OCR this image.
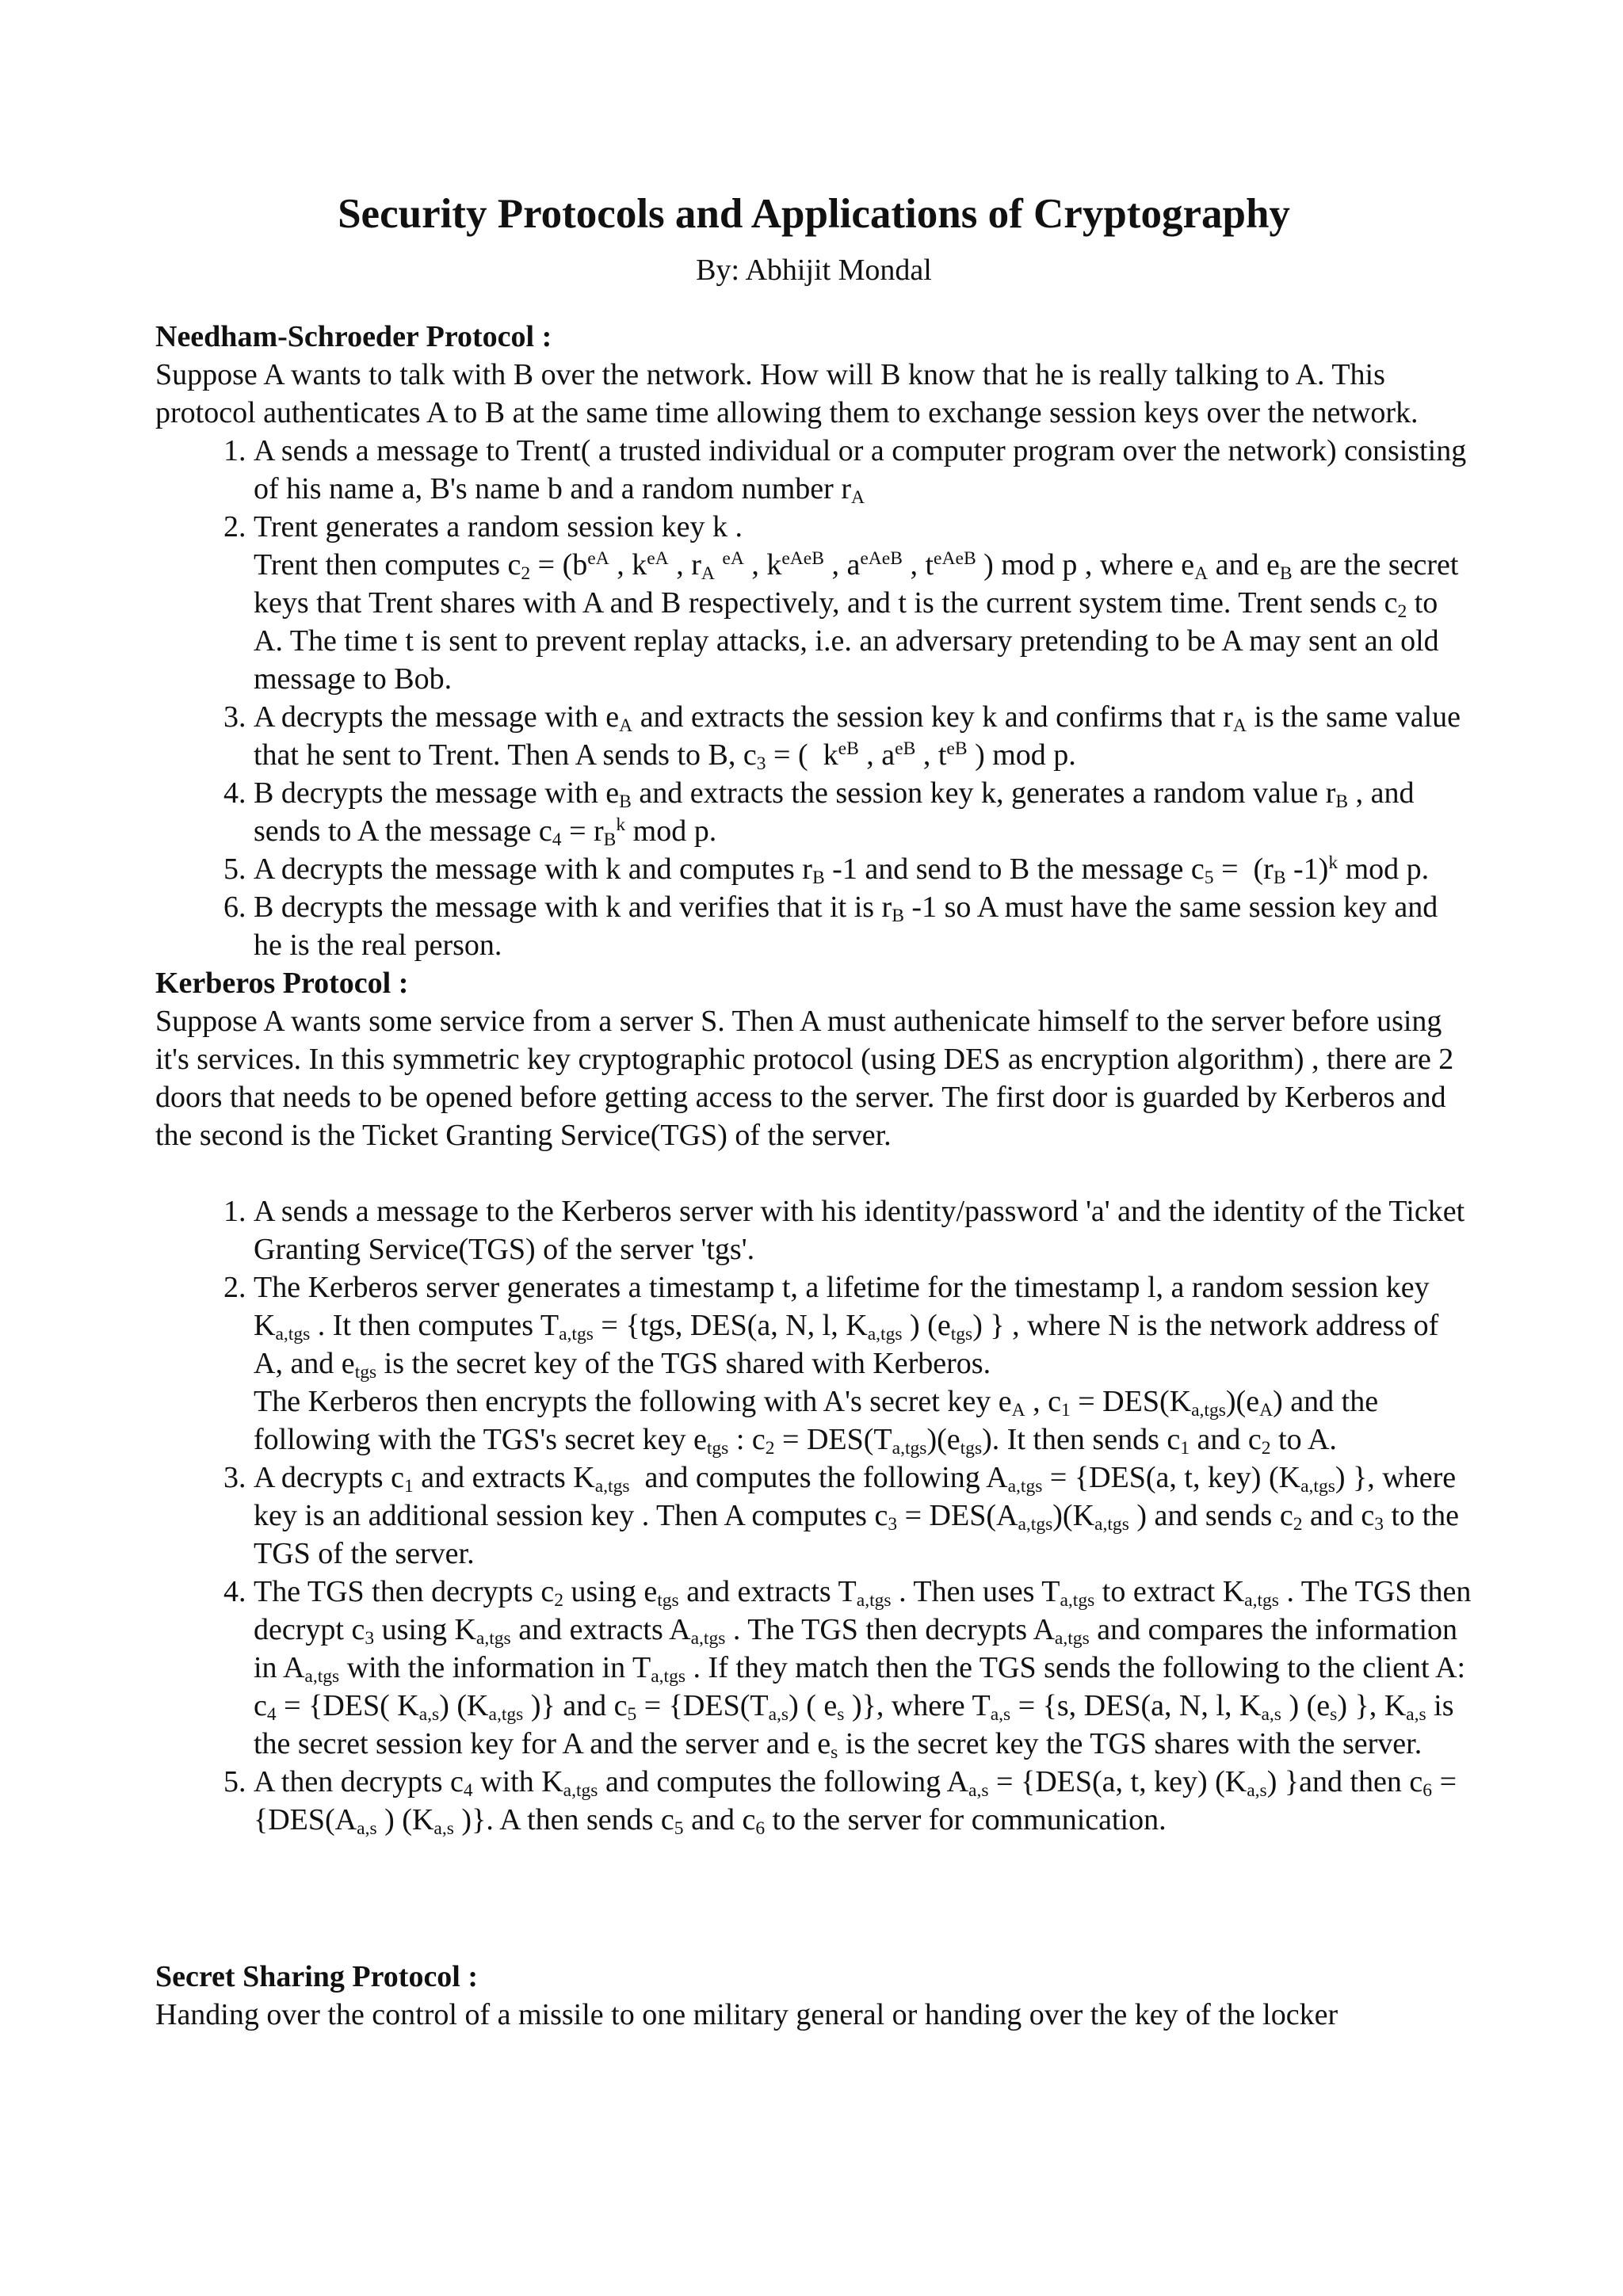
Security Protocols and Applications of Cryptography

By: Abhijit Mondal

Needham-Schroeder Protocol :

Suppose A wants to talk with B over the network. How will B know that he is really talking to A. This protocol authenticates A to B at the same time allowing them to exchange session keys over the network.

1. A sends a message to Trent( a trusted individual or a computer program over the network) consisting of his name a, B's name b and a random number $r_A$
2. Trent generates a random session key k .
Trent then computes $c_2 = (b^{eA}$ , $k^{eA}$ , $r_A$ $^{eA}$ , $k^{eAeB}$ , $a^{eAeB}$ , $t^{eAeB}$ ) mod p , where $e_A$ and $e_B$ are the secret keys that Trent shares with A and B respectively, and t is the current system time. Trent sends $c_2$ to A. The time t is sent to prevent replay attacks, i.e. an adversary pretending to be A may sent an old message to Bob.
3. A decrypts the message with $e_A$ and extracts the session key k and confirms that $r_A$ is the same value that he sent to Trent. Then A sends to B, $c_3$ = (  $k^{eB}$ , $a^{eB}$ , $t^{eB}$ ) mod p.
4. B decrypts the message with $e_B$ and extracts the session key k, generates a random value $r_B$ , and sends to A the message $c_4 = r_B^k$ mod p.
5. A decrypts the message with k and computes $r_B$ -1 and send to B the message $c_5 = (r_B$ -1)$^k$ mod p.
6. B decrypts the message with k and verifies that it is $r_B$ -1 so A must have the same session key and he is the real person.
Kerberos Protocol :

Suppose A wants some service from a server S. Then A must authenicate himself to the server before using it's services. In this symmetric key cryptographic protocol (using DES as encryption algorithm) , there are 2 doors that needs to be opened before getting access to the server. The first door is guarded by Kerberos and the second is the Ticket Granting Service(TGS) of the server.

1. A sends a message to the Kerberos server with his identity/password 'a' and the identity of the Ticket Granting Service(TGS) of the server 'tgs'.
2. The Kerberos server generates a timestamp t, a lifetime for the timestamp l, a random session key $K_{a,tgs}$ . It then computes $T_{a,tgs} = \{tgs$, DES(a, N, l, $K_{a,tgs}$ ) $(e_{tgs})$ } , where N is the network address of A, and $e_{tgs}$ is the secret key of the TGS shared with Kerberos.
The Kerberos then encrypts the following with A's secret key $e_A$ , $c_1 = DES(K_{a,tgs})(e_A)$ and the following with the TGS's secret key $e_{tgs}$ : $c_2 = DES(T_{a,tgs})(e_{tgs})$. It then sends $c_1$ and $c_2$ to A.
3. A decrypts $c_1$ and extracts $K_{a,tgs}$  and computes the following $A_{a,tgs} = \{DES(a$, t, key) $(K_{a,tgs})$ }, where key is an additional session key . Then A computes $c_3 = DES(A_{a,tgs})(K_{a,tgs}$ ) and sends $c_2$ and $c_3$ to the TGS of the server.
4. The TGS then decrypts $c_2$ using $e_{tgs}$ and extracts $T_{a,tgs}$ . Then uses $T_{a,tgs}$ to extract $K_{a,tgs}$ . The TGS then decrypt $c_3$ using $K_{a,tgs}$ and extracts $A_{a,tgs}$ . The TGS then decrypts $A_{a,tgs}$ and compares the information in $A_{a,tgs}$ with the information in $T_{a,tgs}$ . If they match then the TGS sends the following to the client A: $c_4 = \{DES$( $K_{a,s}$) ($K_{a,tgs}$ )} and $c_5 = \{DES(T_{a,s})$ ( $e_s$ )}, where $T_{a,s} = \{s$, DES(a, N, l, $K_{a,s}$ ) $(e_s)$ }, $K_{a,s}$ is the secret session key for A and the server and $e_s$ is the secret key the TGS shares with the server.
5. A then decrypts $c_4$ with $K_{a,tgs}$ and computes the following $A_{a,s} = \{DES(a$, t, key) $(K_{a,s})$ }and then $c_6 = \{DES(A_{a,s}$ ) ($K_{a,s}$ )}. A then sends $c_5$ and $c_6$ to the server for communication.
Secret Sharing Protocol :

Handing over the control of a missile to one military general or handing over the key of the locker
